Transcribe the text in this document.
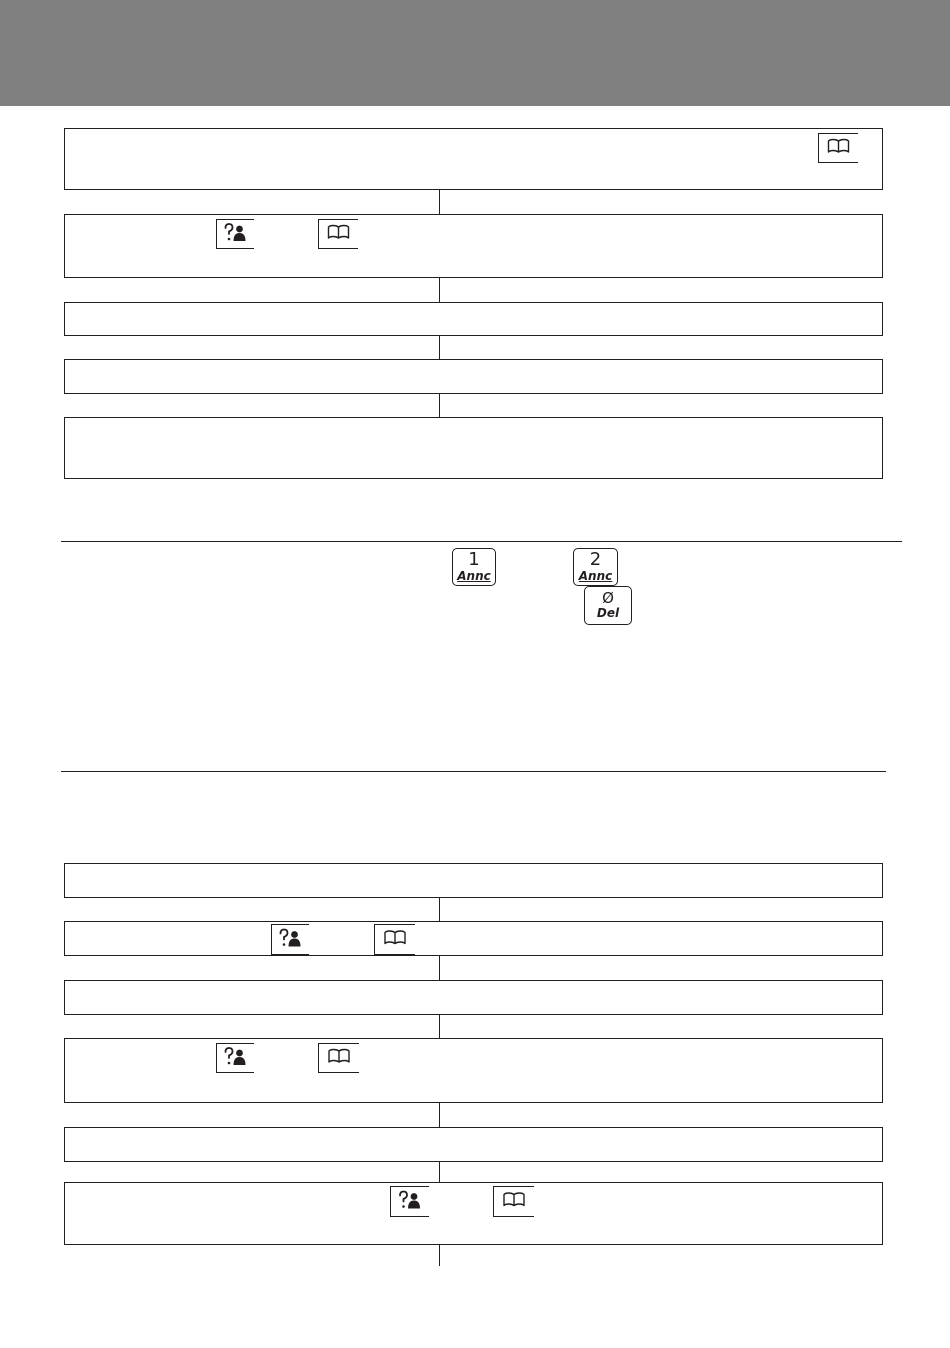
1
Annc
2
Annc
Ø
Del
